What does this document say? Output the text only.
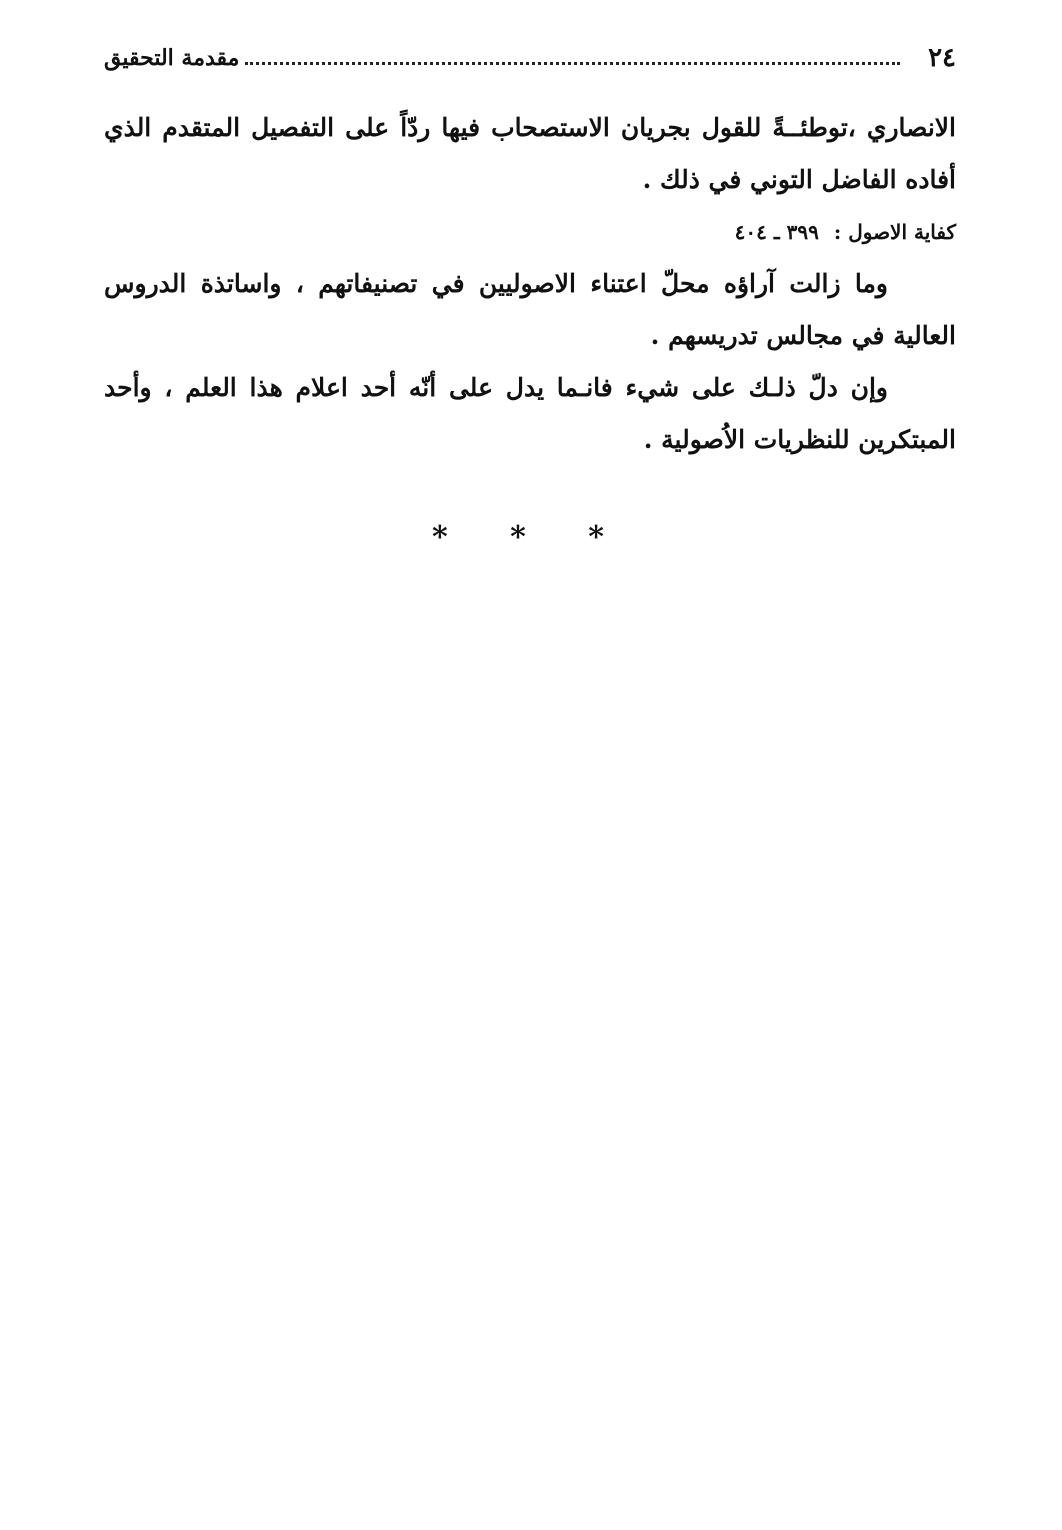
٢٤
مقدمة التحقيق

الانصاري ،توطئــةً للقول بجريان الاستصحاب فيها ردّاً على التفصيل المتقدم الذي أفاده الفاضل التوني في ذلك .

كفاية الاصول : ٣٩٩ ـ ٤٠٤

وما زالت آراؤه محلّ اعتناء الاصوليين في تصنيفاتهم ، واساتذة الدروس العالية في مجالس تدريسهم .

وإن دلّ ذلـك على شيء فانـما يدل على أنّه أحد اعلام هذا العلم ، وأحد المبتكرين للنظريات الاُصولية .

* * *
